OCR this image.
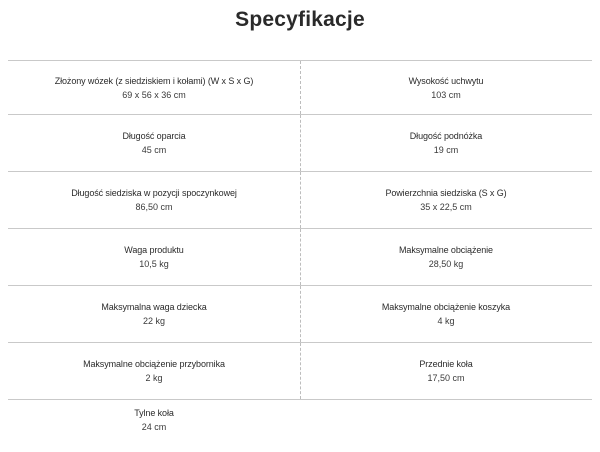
Specyfikacje
Złożony wózek (z siedziskiem i kołami) (W x S x G)
69 x 56 x 36 cm
Wysokość uchwytu
103 cm
Długość oparcia
45 cm
Długość podnóżka
19 cm
Długość siedziska w pozycji spoczynkowej
86,50 cm
Powierzchnia siedziska (S x G)
35 x 22,5 cm
Waga produktu
10,5 kg
Maksymalne obciążenie
28,50 kg
Maksymalna waga dziecka
22 kg
Maksymalne obciążenie koszyka
4 kg
Maksymalne obciążenie przybornika
2 kg
Przednie koła
17,50 cm
Tylne koła
24 cm
